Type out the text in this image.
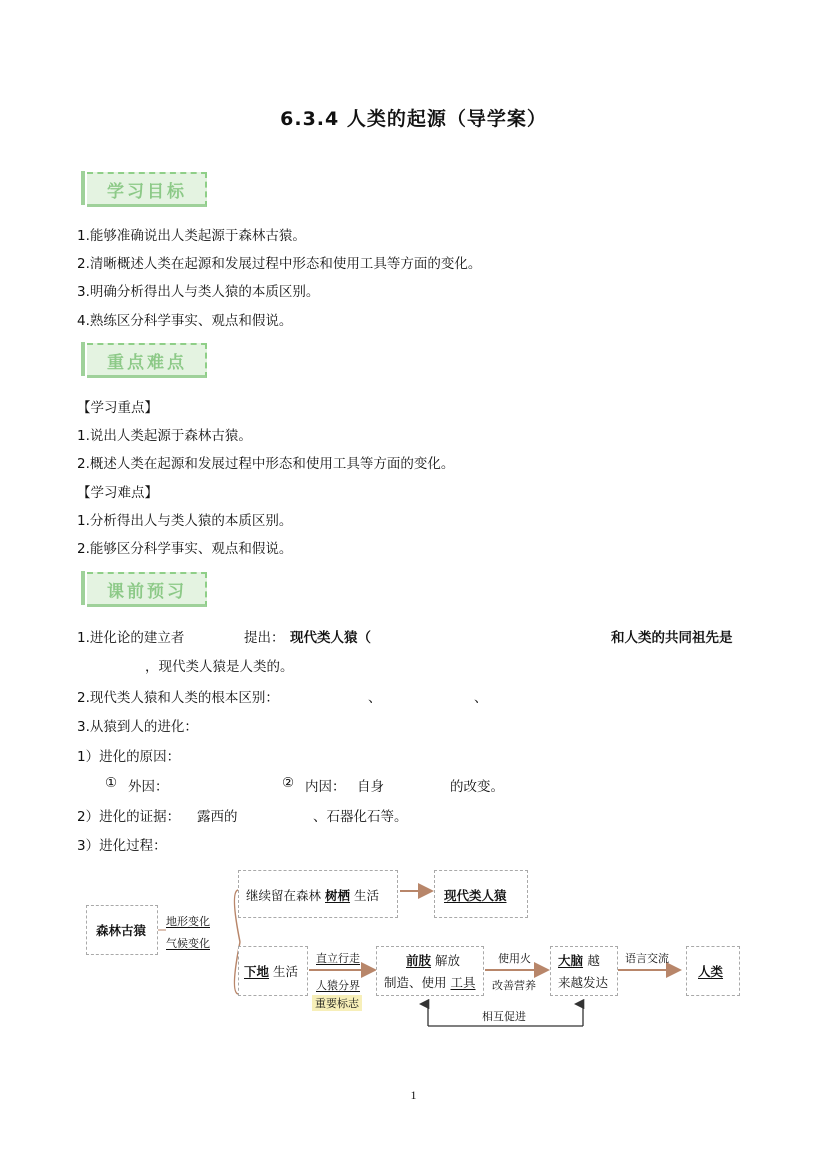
6.3.4 人类的起源（导学案）
学习目标
1.能够准确说出人类起源于森林古猿。
2.清晰概述人类在起源和发展过程中形态和使用工具等方面的变化。
3.明确分析得出人与类人猿的本质区别。
4.熟练区分科学事实、观点和假说。
重点难点
【学习重点】
1.说出人类起源于森林古猿。
2.概述人类在起源和发展过程中形态和使用工具等方面的变化。
【学习难点】
1.分析得出人与类人猿的本质区别。
2.能够区分科学事实、观点和假说。
课前预习
1.进化论的建立者	提出： 现代类人猿（	和人类的共同祖先是
，现代类人猿是人类的。
2.现代类人猿和人类的根本区别：	、	、
3.从猿到人的进化：
1）进化的原因：
① 外因：	② 内因： 自身	的改变。
2）进化的证据： 露西的	、石器化石等。
3）进化过程：
森林古猿
地形变化
气候变化
继续留在森林 树栖 生活	现代类人猿
下地 生活
直立行走
人猿分界
重要标志
前肢 解放
制造、使用 工具
使用火
改善营养
大脑 越
来越发达
语言交流
人类
相互促进
1
